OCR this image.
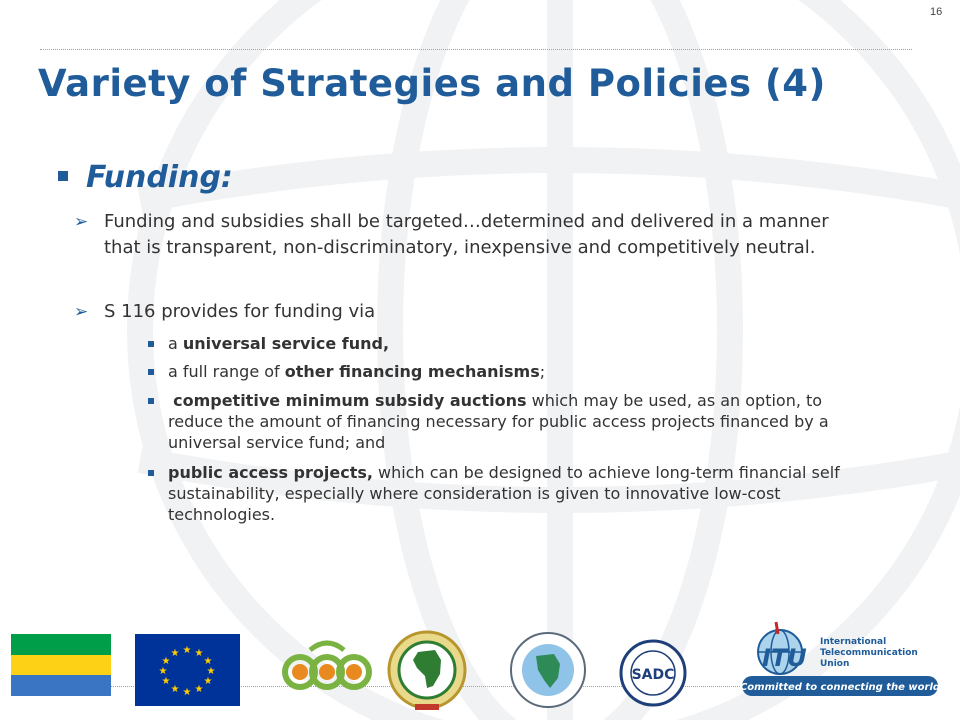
16
Variety of Strategies and Policies (4)
Funding:
➢ Funding and subsidies shall be targeted…determined and delivered in a manner that is transparent, non-discriminatory, inexpensive and competitively neutral.
➢ S 116 provides for funding via
a universal service fund,
a full range of other financing mechanisms;
competitive minimum subsidy auctions which may be used, as an option, to reduce the amount of financing necessary for public access projects financed by a universal service fund; and
public access projects, which can be designed to achieve long-term financial self sustainability, especially where consideration is given to innovative low-cost technologies.
★ ★
★
★
★
★
★
★
★
★
★
★
SADC
ITU
International
Telecommunication
Union
Committed to connecting the world
